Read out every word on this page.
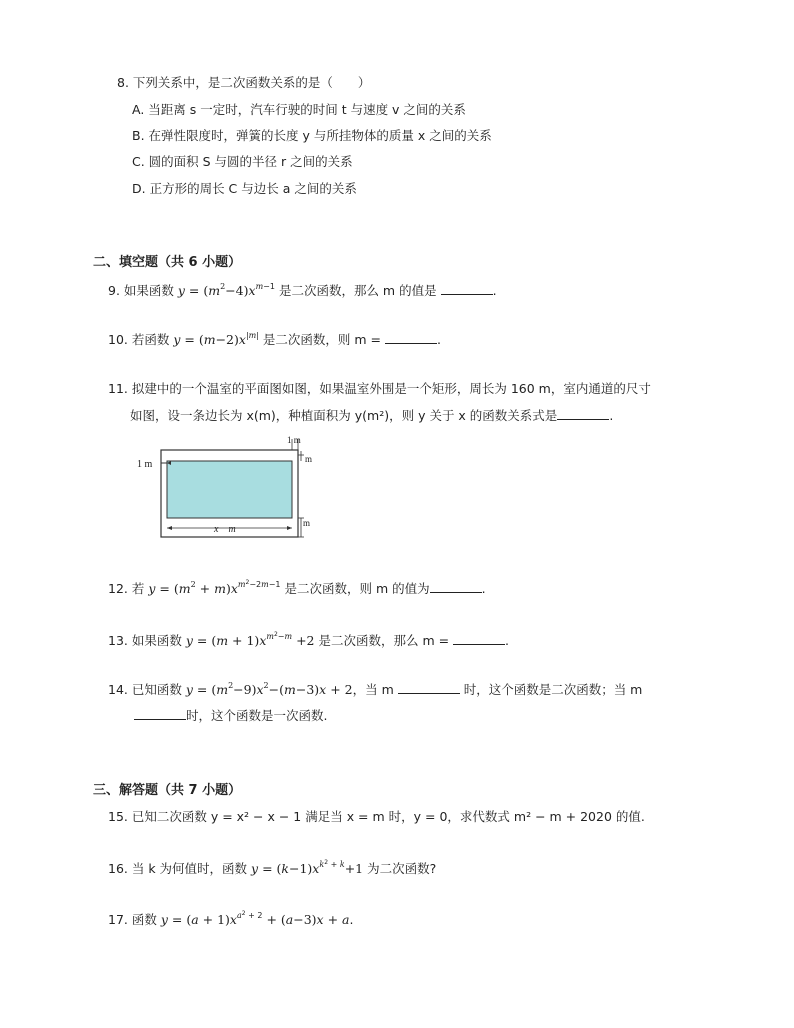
8. 下列关系中，是二次函数关系的是（　　）
A. 当距离 s 一定时，汽车行驶的时间 t 与速度 v 之间的关系
B. 在弹性限度时，弹簧的长度 y 与所挂物体的质量 x 之间的关系
C. 圆的面积 S 与圆的半径 r 之间的关系
D. 正方形的周长 C 与边长 a 之间的关系
二、填空题（共 6 小题）
9. 如果函数 $y = (m^2-4)x^{m-1}$ 是二次函数，那么 m 的值是	.
10. 若函数 $y = (m-2)x^{|m|}$ 是二次函数，则 m =	.
11. 拟建中的一个温室的平面图如图，如果温室外围是一个矩形，周长为 160 m，室内通道的尺寸
如图，设一条边长为 x(m)，种植面积为 y(m²)，则 y 关于 x 的函数关系式是	.
1 m
1 m
m
m
x　m
12. 若 $y = (m^2 + m)x^{m^2-2m-1}$ 是二次函数，则 m 的值为	.
13. 如果函数 $y = (m + 1)x^{m^2-m} +2$ 是二次函数，那么 m =	.
14. 已知函数 $y = (m^2-9)x^2-(m-3)x + 2$，当 m	时，这个函数是二次函数；当 m
时，这个函数是一次函数.
三、解答题（共 7 小题）
15. 已知二次函数 y = x² − x − 1 满足当 x = m 时，y = 0，求代数式 m² − m + 2020 的值.
16. 当 k 为何值时，函数 $y = (k-1)x^{k^2 + k}+1$ 为二次函数?
17. 函数 $y = (a + 1)x^{a^2 + 2} + (a-3)x + a$.
